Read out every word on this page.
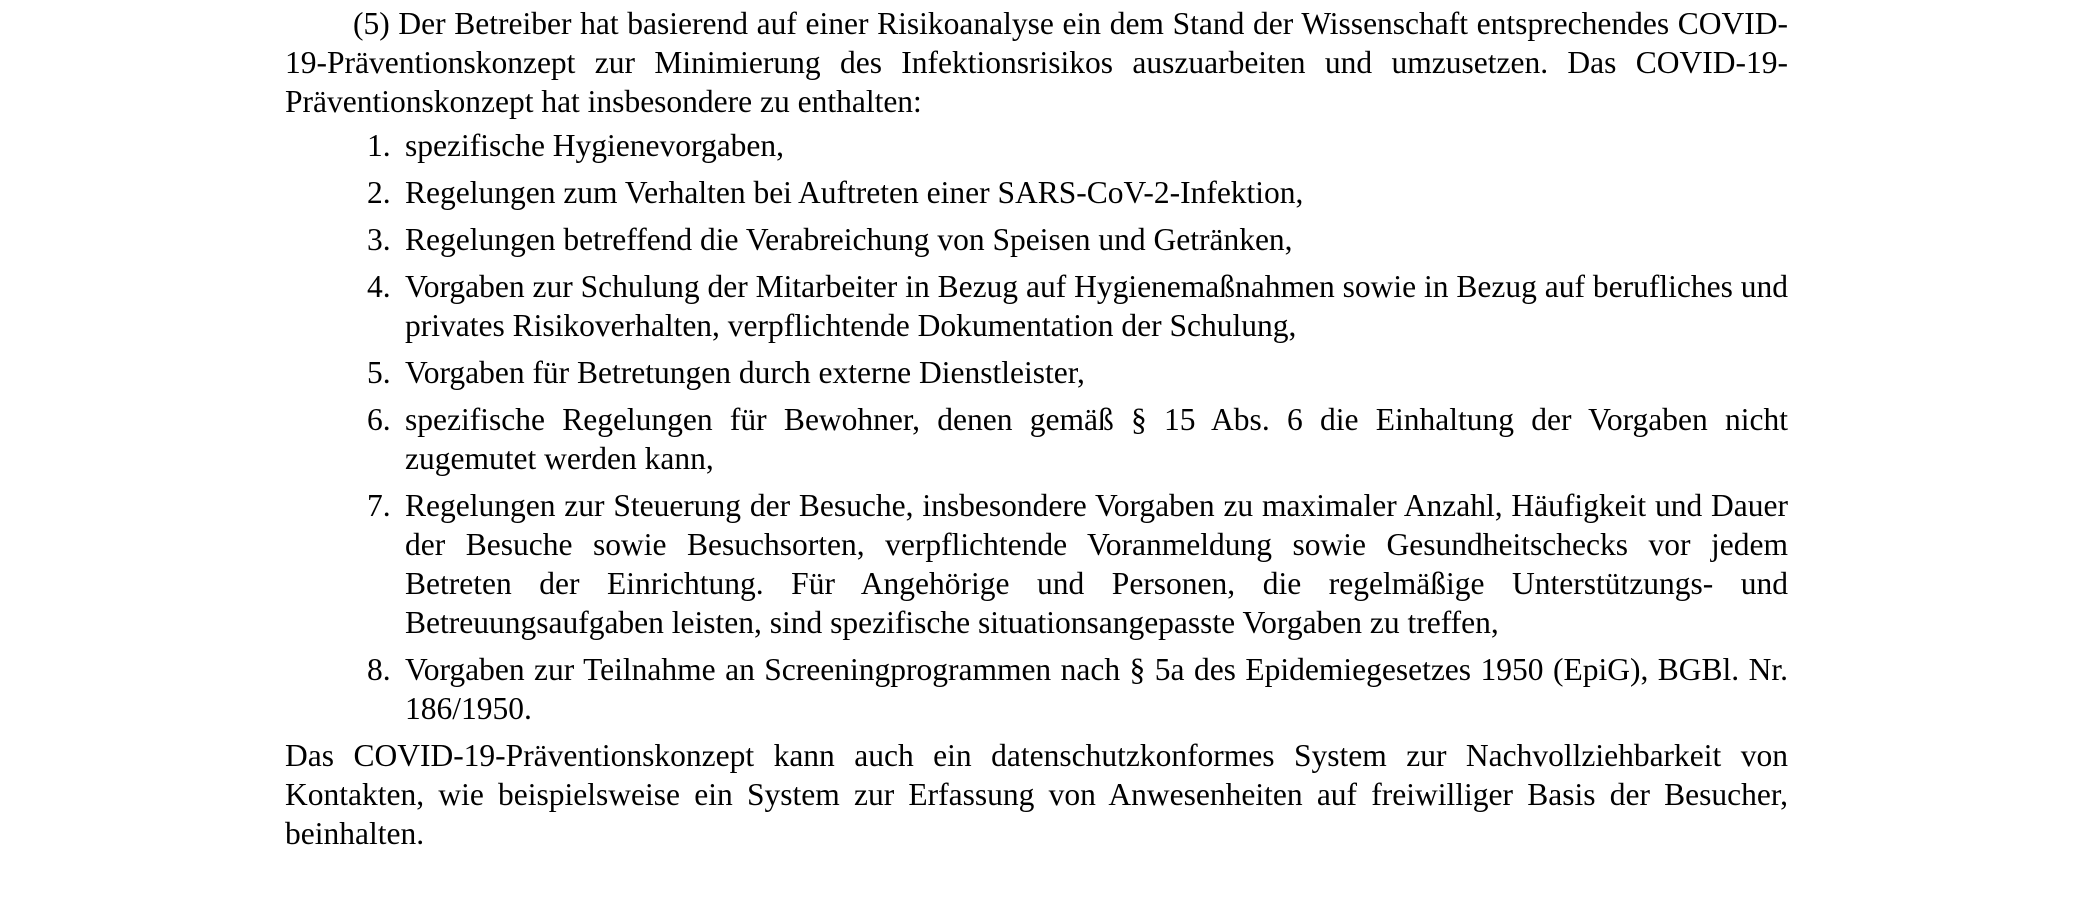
(5) Der Betreiber hat basierend auf einer Risikoanalyse ein dem Stand der Wissenschaft entsprechendes COVID-19-Präventionskonzept zur Minimierung des Infektionsrisikos auszuarbeiten und umzusetzen. Das COVID-19-Präventionskonzept hat insbesondere zu enthalten:

1. spezifische Hygienevorgaben,
2. Regelungen zum Verhalten bei Auftreten einer SARS-CoV-2-Infektion,
3. Regelungen betreffend die Verabreichung von Speisen und Getränken,
4. Vorgaben zur Schulung der Mitarbeiter in Bezug auf Hygienemaßnahmen sowie in Bezug auf berufliches und privates Risikoverhalten, verpflichtende Dokumentation der Schulung,
5. Vorgaben für Betretungen durch externe Dienstleister,
6. spezifische Regelungen für Bewohner, denen gemäß § 15 Abs. 6 die Einhaltung der Vorgaben nicht zugemutet werden kann,
7. Regelungen zur Steuerung der Besuche, insbesondere Vorgaben zu maximaler Anzahl, Häufigkeit und Dauer der Besuche sowie Besuchsorten, verpflichtende Voranmeldung sowie Gesundheitschecks vor jedem Betreten der Einrichtung. Für Angehörige und Personen, die regelmäßige Unterstützungs- und Betreuungsaufgaben leisten, sind spezifische situationsangepasste Vorgaben zu treffen,
8. Vorgaben zur Teilnahme an Screeningprogrammen nach § 5a des Epidemiegesetzes 1950 (EpiG), BGBl. Nr. 186/1950.

Das COVID-19-Präventionskonzept kann auch ein datenschutzkonformes System zur Nachvollziehbarkeit von Kontakten, wie beispielsweise ein System zur Erfassung von Anwesenheiten auf freiwilliger Basis der Besucher, beinhalten.
